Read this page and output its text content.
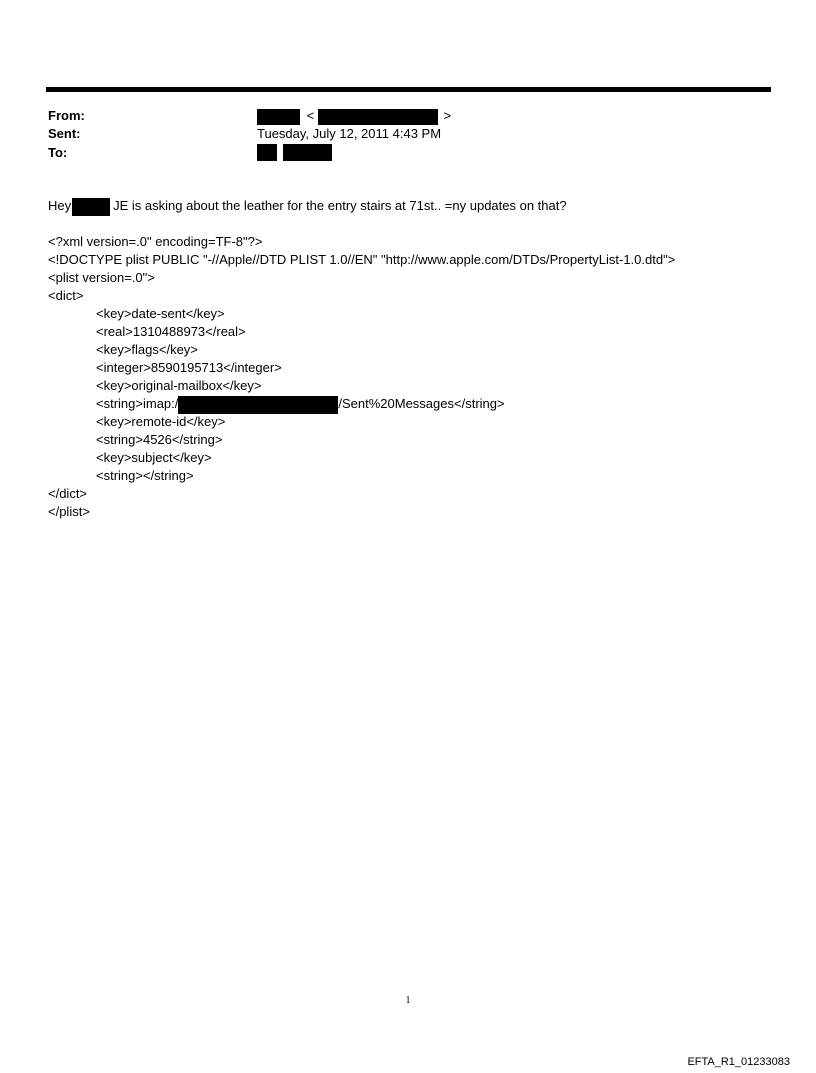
From:	<	>
Sent:	Tuesday, July 12, 2011 4:43 PM
To:

Hey	JE is asking about the leather for the entry stairs at 71st.. =ny updates on that?
<?xml version=.0" encoding=TF-8"?>
<!DOCTYPE plist PUBLIC "-//Apple//DTD PLIST 1.0//EN" "http://www.apple.com/DTDs/PropertyList-1.0.dtd">
<plist version=.0">
<dict>
<key>date-sent</key>
<real>1310488973</real>
<key>flags</key>
<integer>8590195713</integer>
<key>original-mailbox</key>
<string>imap:/	/Sent%20Messages</string>
<key>remote-id</key>
<string>4526</string>
<key>subject</key>
<string></string>
</dict>
</plist>
1
EFTA_R1_01233083
